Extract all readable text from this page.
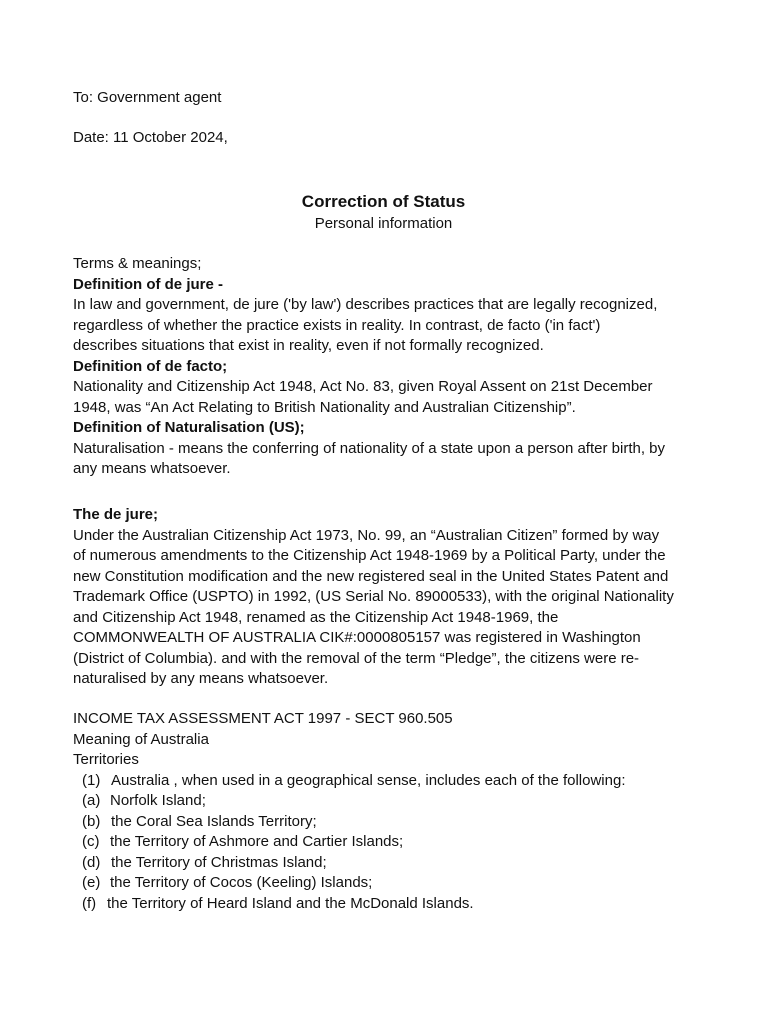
To: Government agent
Date: 11 October 2024,
Correction of Status
Personal information
Terms & meanings;
Definition of de jure -
In law and government, de jure ('by law') describes practices that are legally recognized,
regardless of whether the practice exists in reality. In contrast, de facto ('in fact')
describes situations that exist in reality, even if not formally recognized.
Definition of de facto;
Nationality and Citizenship Act 1948, Act No. 83, given Royal Assent on 21st December
1948, was “An Act Relating to British Nationality and Australian Citizenship”.
Definition of Naturalisation (US);
Naturalisation - means the conferring of nationality of a state upon a person after birth, by
any means whatsoever.
The de jure;
Under the Australian Citizenship Act 1973, No. 99, an “Australian Citizen” formed by way
of numerous amendments to the Citizenship Act 1948-1969 by a Political Party, under the
new Constitution modification and the new registered seal in the United States Patent and
Trademark Office (USPTO) in 1992, (US Serial No. 89000533), with the original Nationality
and Citizenship Act 1948, renamed as the Citizenship Act 1948-1969, the
COMMONWEALTH OF AUSTRALIA CIK#:0000805157 was registered in Washington
(District of Columbia). and with the removal of the term “Pledge”, the citizens were re-
naturalised by any means whatsoever.
INCOME TAX ASSESSMENT ACT 1997 - SECT 960.505
Meaning of Australia
Territories
(1) Australia , when used in a geographical sense, includes each of the following:
(a) Norfolk Island;
(b) the Coral Sea Islands Territory;
(c) the Territory of Ashmore and Cartier Islands;
(d) the Territory of Christmas Island;
(e) the Territory of Cocos (Keeling) Islands;
(f) the Territory of Heard Island and the McDonald Islands.
